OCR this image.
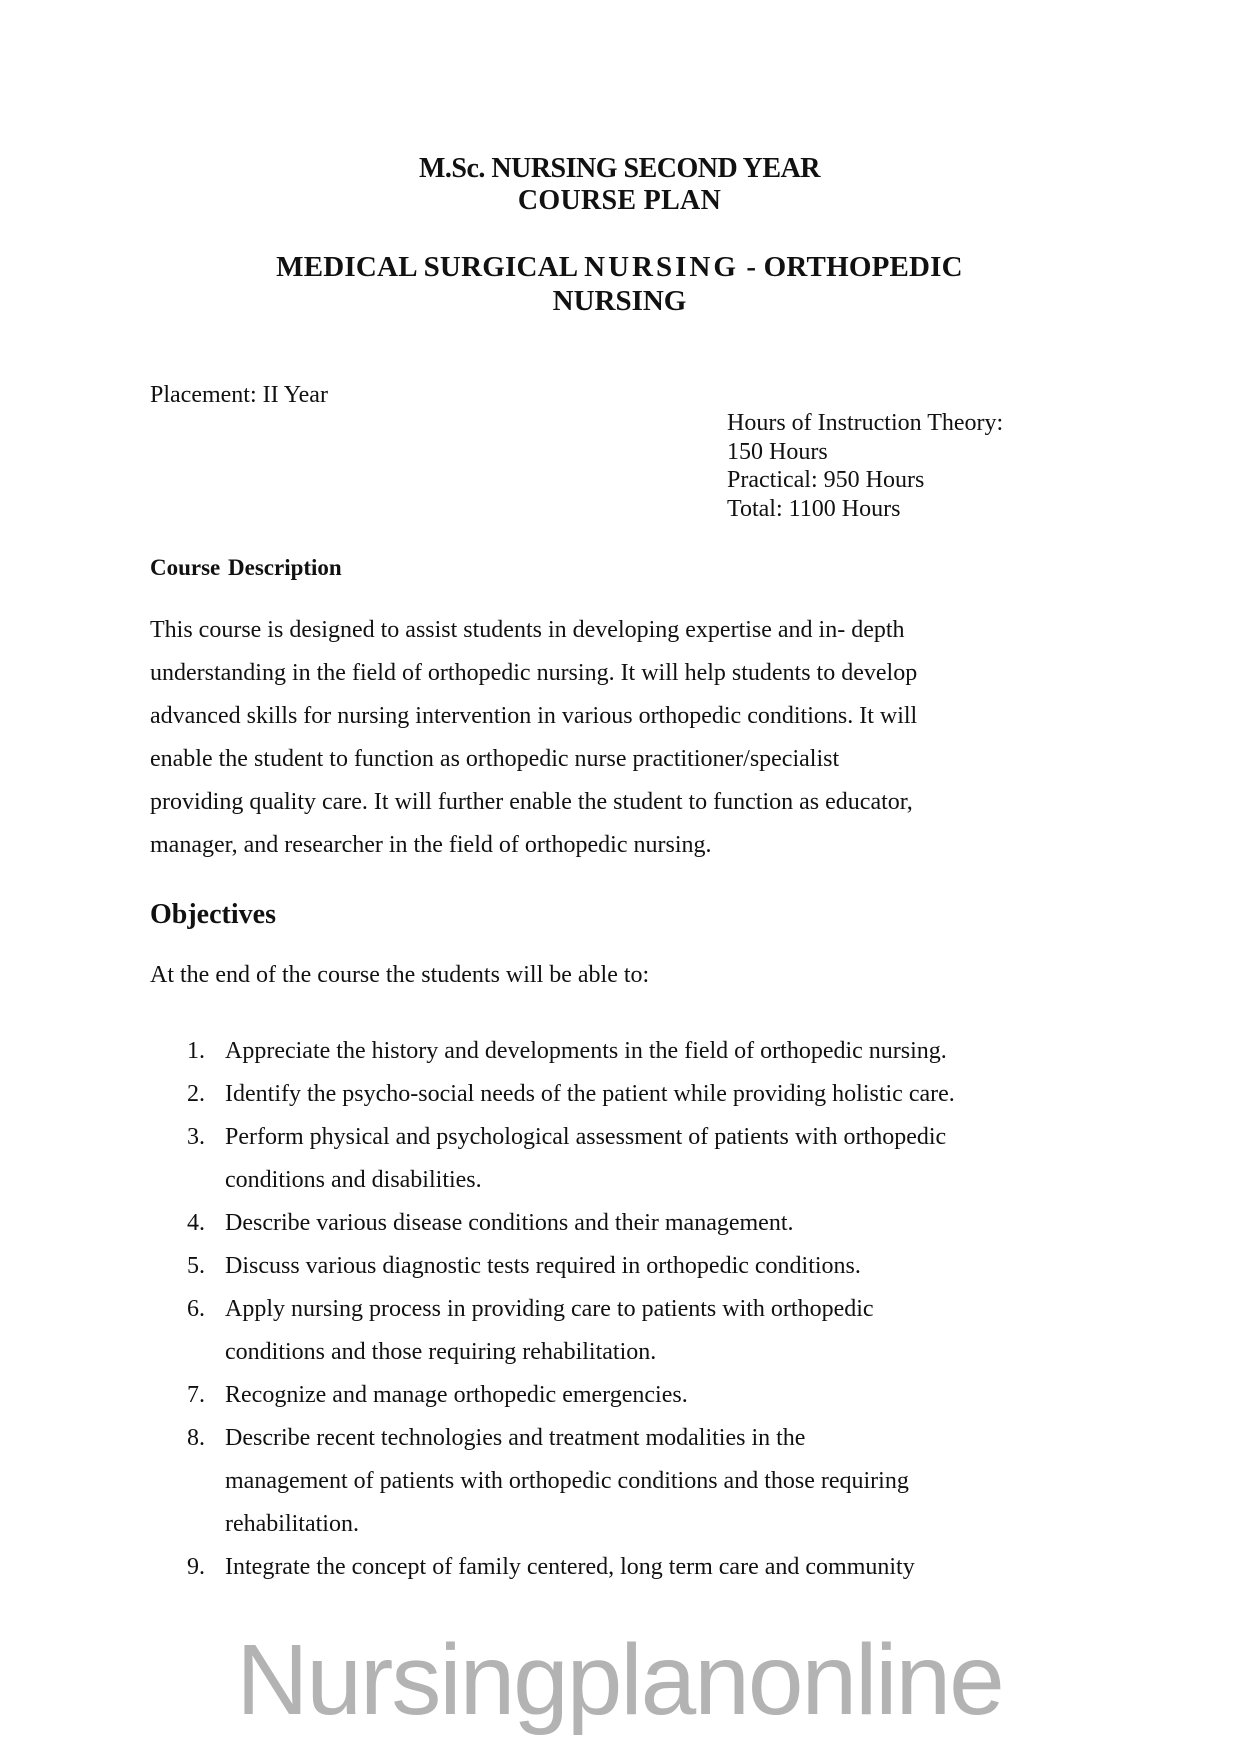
M.Sc. NURSING SECOND YEAR
COURSE PLAN
MEDICAL SURGICAL NURSING - ORTHOPEDIC
NURSING
Placement: II Year
Hours of Instruction Theory:
150 Hours
Practical: 950 Hours
Total: 1100 Hours
Course Description
This course is designed to assist students in developing expertise and in- depth
understanding in the field of orthopedic nursing. It will help students to develop
advanced skills for nursing intervention in various orthopedic conditions. It will
enable the student to function as orthopedic nurse practitioner/specialist
providing quality care. It will further enable the student to function as educator,
manager, and researcher in the field of orthopedic nursing.
Objectives
At the end of the course the students will be able to:
1. Appreciate the history and developments in the field of orthopedic nursing.
2. Identify the psycho-social needs of the patient while providing holistic care.
3. Perform physical and psychological assessment of patients with orthopedic
conditions and disabilities.
4. Describe various disease conditions and their management.
5. Discuss various diagnostic tests required in orthopedic conditions.
6. Apply nursing process in providing care to patients with orthopedic
conditions and those requiring rehabilitation.
7. Recognize and manage orthopedic emergencies.
8. Describe recent technologies and treatment modalities in the
management of patients with orthopedic conditions and those requiring
rehabilitation.
9. Integrate the concept of family centered, long term care and community
Nursingplanonline
